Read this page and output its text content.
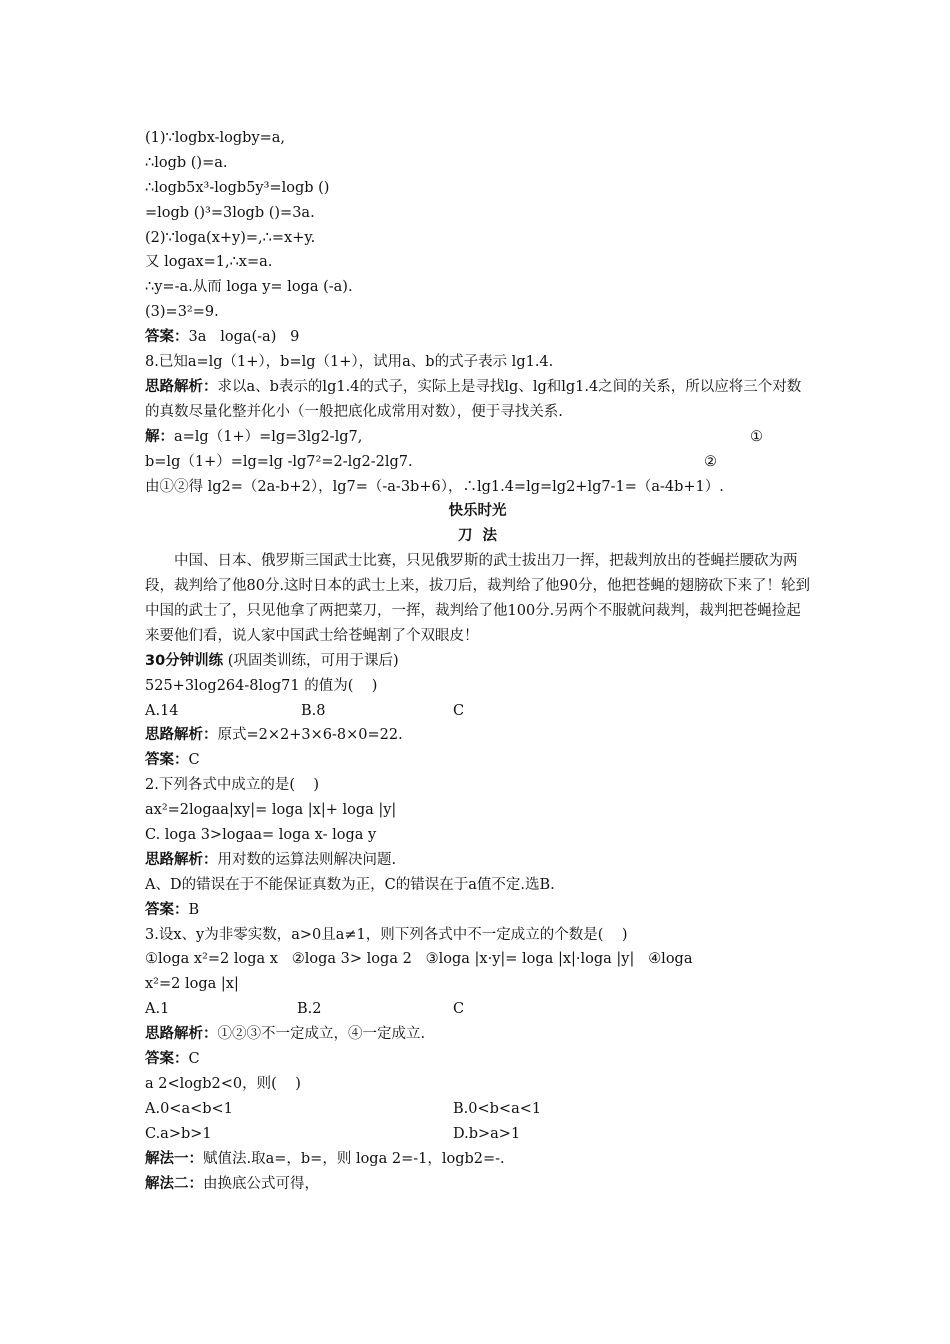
(1)∵logbx-logby=a,
∴logb ()=a.
∴logb5x³-logb5y³=logb ()
=logb ()³=3logb ()=3a.
(2)∵loga(x+y)=,∴=x+y.
又 logax=1,∴x=a.
∴y=-a.从而 loga y= loga (-a).
(3)=3²=9.
答案：3a   loga(-a)   9
8.已知a=lg（1+），b=lg（1+），试用a、b的式子表示 lg1.4.
思路解析：求以a、b表示的lg1.4的式子，实际上是寻找lg、lg和lg1.4之间的关系，所以应将三个对数的真数尽量化整并化小（一般把底化成常用对数），便于寻找关系.
解：a=lg（1+）=lg=3lg2-lg7,	①
b=lg（1+）=lg=lg -lg7²=2-lg2-2lg7.	②
由①②得 lg2=（2a-b+2），lg7=（-a-3b+6），∴lg1.4=lg=lg2+lg7-1=（a-4b+1）.
快乐时光
刀  法
中国、日本、俄罗斯三国武士比赛，只见俄罗斯的武士拔出刀一挥，把裁判放出的苍蝇拦腰砍为两段，裁判给了他80分.这时日本的武士上来，拔刀后，裁判给了他90分，他把苍蝇的翅膀砍下来了！轮到中国的武士了，只见他拿了两把菜刀，一挥，裁判给了他100分.另两个不服就问裁判，裁判把苍蝇捡起来要他们看，说人家中国武士给苍蝇割了个双眼皮！
30分钟训练 (巩固类训练，可用于课后)
525+3log264-8log71 的值为(    )
A.14	B.8	C
思路解析：原式=2×2+3×6-8×0=22.
答案：C
2.下列各式中成立的是(    )
ax²=2logaa|xy|= loga |x|+ loga |y|
C. loga 3>logaa= loga x- loga y
思路解析：用对数的运算法则解决问题.
A、D的错误在于不能保证真数为正，C的错误在于a值不定.选B.
答案：B
3.设x、y为非零实数，a>0且a≠1，则下列各式中不一定成立的个数是(    )
①loga x²=2 loga x   ②loga 3> loga 2   ③loga |x·y|= loga |x|·loga |y|   ④loga
x²=2 loga |x|
A.1	B.2	C
思路解析：①②③不一定成立，④一定成立.
答案：C
a 2<logb2<0，则(    )
A.0<a<b<1	B.0<b<a<1
C.a>b>1	D.b>a>1
解法一：赋值法.取a=，b=，则 loga 2=-1，logb2=-.
解法二：由换底公式可得，
